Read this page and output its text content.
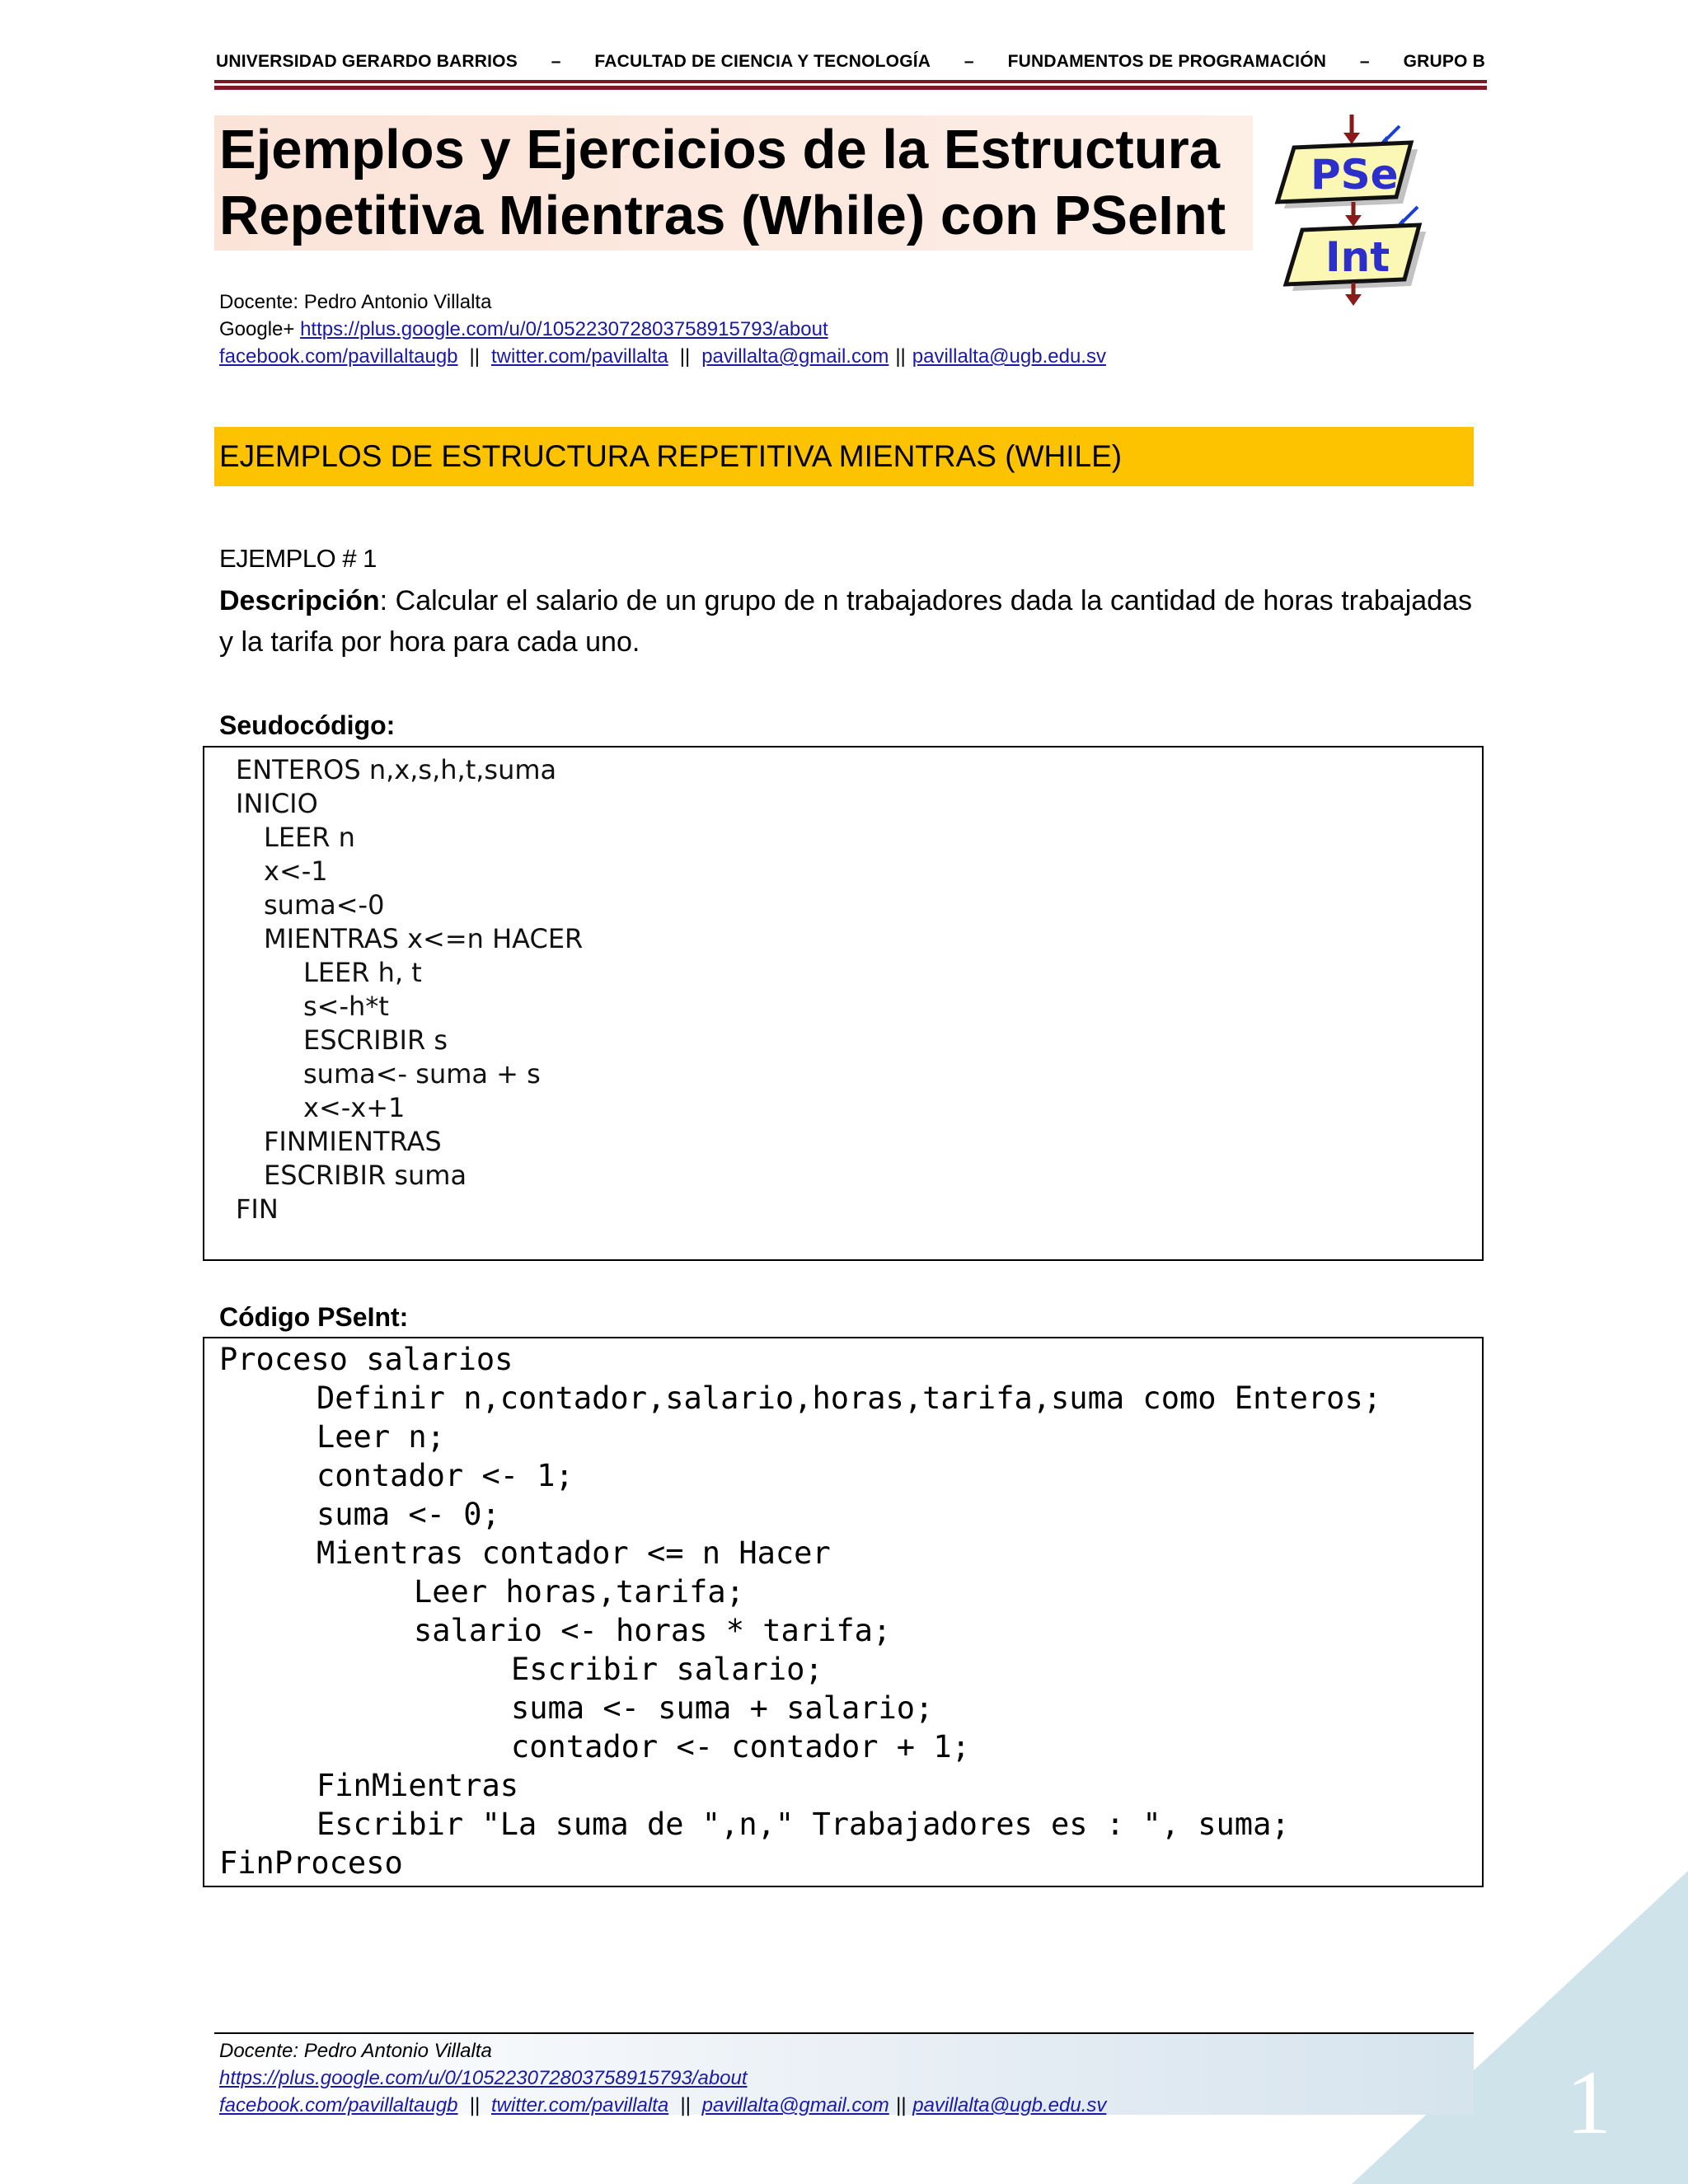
UNIVERSIDAD GERARDO BARRIOS – FACULTAD DE CIENCIA Y TECNOLOGÍA – FUNDAMENTOS DE PROGRAMACIÓN – GRUPO B
Ejemplos y Ejercicios de la Estructura
Repetitiva Mientras (While) con PSeInt
PSe
Int
Docente: Pedro Antonio Villalta
Google+ https://plus.google.com/u/0/105223072803758915793/about
facebook.com/pavillaltaugb || twitter.com/pavillalta || pavillalta@gmail.com || pavillalta@ugb.edu.sv
EJEMPLOS DE ESTRUCTURA REPETITIVA MIENTRAS (WHILE)
EJEMPLO # 1
Descripción: Calcular el salario de un grupo de n trabajadores dada la cantidad de horas trabajadas y la tarifa por hora para cada uno.
Seudocódigo:
ENTEROS n,x,s,h,t,suma
INICIO
LEER n
x<-1
suma<-0
MIENTRAS x<=n HACER
LEER h, t
s<-h*t
ESCRIBIR s
suma<- suma + s
x<-x+1
FINMIENTRAS
ESCRIBIR suma
FIN
Código PSeInt:
Proceso salarios
Definir n,contador,salario,horas,tarifa,suma como Enteros;
Leer n;
contador <- 1;
suma <- 0;
Mientras contador <= n Hacer
Leer horas,tarifa;
salario <- horas * tarifa;
Escribir salario;
suma <- suma + salario;
contador <- contador + 1;
FinMientras
Escribir "La suma de ",n," Trabajadores es : ", suma;
FinProceso
Docente: Pedro Antonio Villalta
https://plus.google.com/u/0/105223072803758915793/about
facebook.com/pavillaltaugb || twitter.com/pavillalta || pavillalta@gmail.com || pavillalta@ugb.edu.sv	1
